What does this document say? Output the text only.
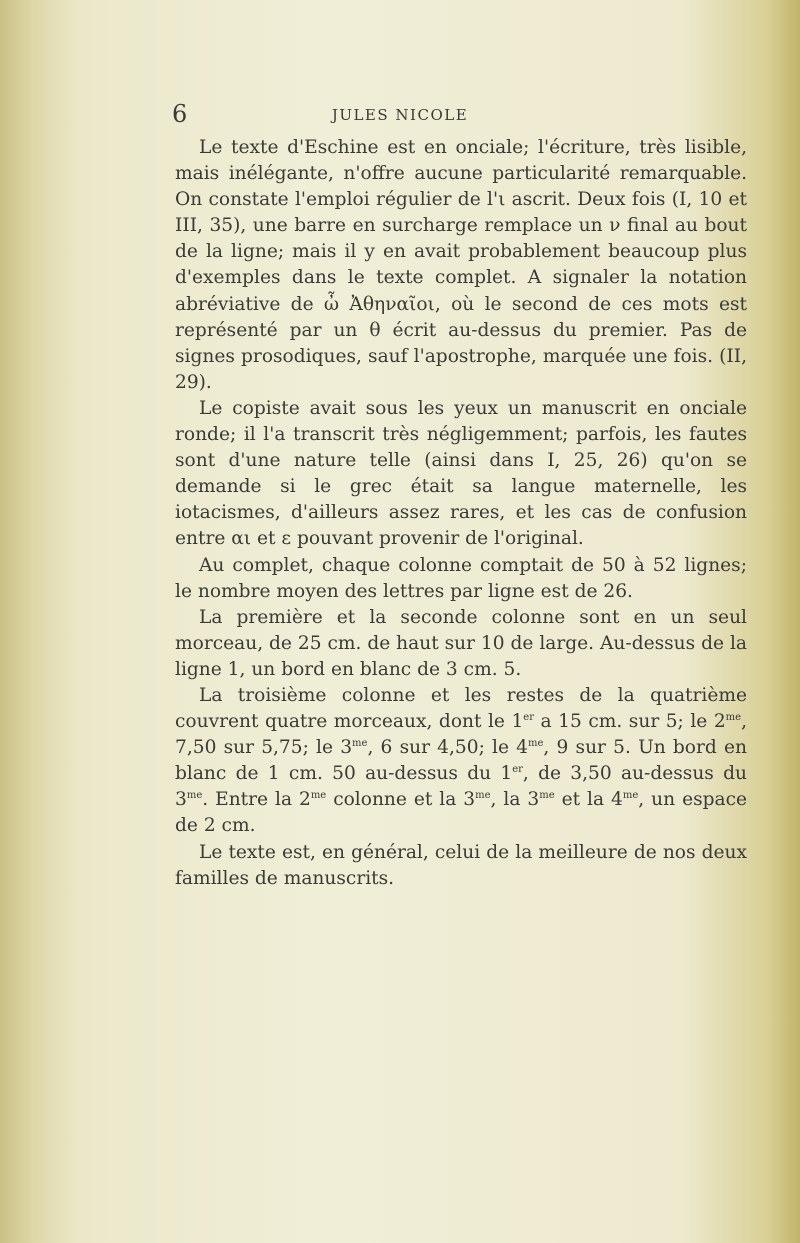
6	JULES NICOLE

Le texte d'Eschine est en onciale; l'écriture, très lisible, mais inélégante, n'offre aucune particularité remarquable. On constate l'emploi régulier de l'ι ascrit. Deux fois (I, 10 et III, 35), une barre en surcharge remplace un ν final au bout de la ligne; mais il y en avait probablement beaucoup plus d'exemples dans le texte complet. A signaler la notation abréviative de ὦ Ἀθηναῖοι, où le second de ces mots est représenté par un θ écrit au-dessus du premier. Pas de signes prosodiques, sauf l'apostrophe, marquée une fois. (II, 29).

Le copiste avait sous les yeux un manuscrit en onciale ronde; il l'a transcrit très négligemment; parfois, les fautes sont d'une nature telle (ainsi dans I, 25, 26) qu'on se demande si le grec était sa langue maternelle, les iotacismes, d'ailleurs assez rares, et les cas de confusion entre αι et ε pouvant provenir de l'original.

Au complet, chaque colonne comptait de 50 à 52 lignes; le nombre moyen des lettres par ligne est de 26.

La première et la seconde colonne sont en un seul morceau, de 25 cm. de haut sur 10 de large. Au-dessus de la ligne 1, un bord en blanc de 3 cm. 5.

La troisième colonne et les restes de la quatrième couvrent quatre morceaux, dont le 1er a 15 cm. sur 5; le $2^{me}$, 7,50 sur 5,75; le $3^{me}$, 6 sur 4,50; le $4^{me}$, 9 sur 5. Un bord en blanc de 1 cm. 50 au-dessus du 1er, de 3,50 au-dessus du $3^{me}$. Entre la $2^{me}$ colonne et la $3^{me}$, la $3^{me}$ et la $4^{me}$, un espace de 2 cm.

Le texte est, en général, celui de la meilleure de nos deux familles de manuscrits.
